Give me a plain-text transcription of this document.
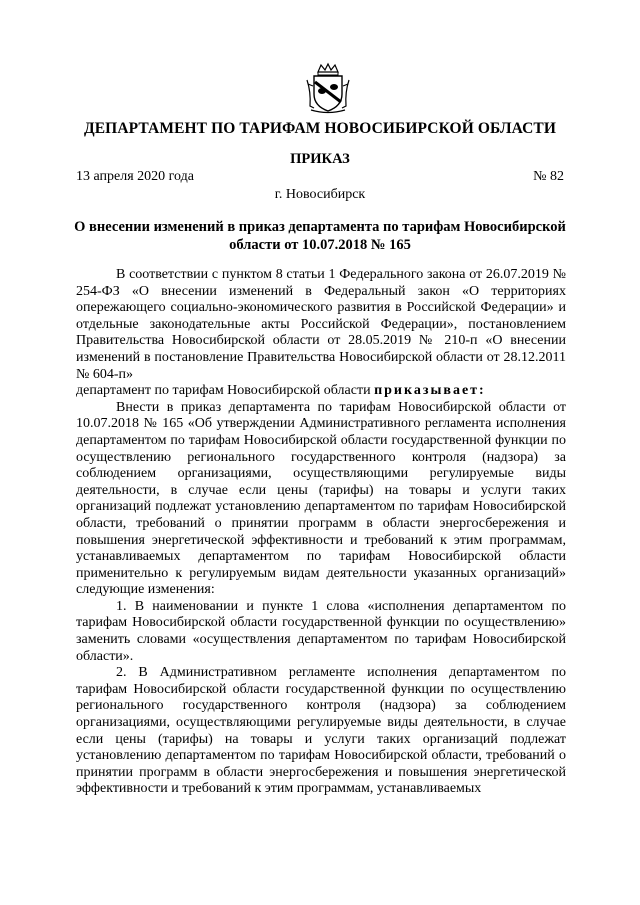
ДЕПАРТАМЕНТ ПО ТАРИФАМ НОВОСИБИРСКОЙ ОБЛАСТИ
ПРИКАЗ
13 апреля 2020 года	№ 82
г. Новосибирск
О внесении изменений в приказ департамента по тарифам Новосибирской области от 10.07.2018 № 165

В соответствии с пунктом 8 статьи 1 Федерального закона от 26.07.2019 № 254-ФЗ «О внесении изменений в Федеральный закон «О территориях опережающего социально-экономического развития в Российской Федерации» и отдельные законодательные акты Российской Федерации», постановлением Правительства Новосибирской области от 28.05.2019 № 210-п «О внесении изменений в постановление Правительства Новосибирской области от 28.12.2011 № 604-п»

департамент по тарифам Новосибирской области приказывает:

Внести в приказ департамента по тарифам Новосибирской области от 10.07.2018 № 165 «Об утверждении Административного регламента исполнения департаментом по тарифам Новосибирской области государственной функции по осуществлению регионального государственного контроля (надзора) за соблюдением организациями, осуществляющими регулируемые виды деятельности, в случае если цены (тарифы) на товары и услуги таких организаций подлежат установлению департаментом по тарифам Новосибирской области, требований о принятии программ в области энергосбережения и повышения энергетической эффективности и требований к этим программам, устанавливаемых департаментом по тарифам Новосибирской области применительно к регулируемым видам деятельности указанных организаций» следующие изменения:

1. В наименовании и пункте 1 слова «исполнения департаментом по тарифам Новосибирской области государственной функции по осуществлению» заменить словами «осуществления департаментом по тарифам Новосибирской области».

2. В Административном регламенте исполнения департаментом по тарифам Новосибирской области государственной функции по осуществлению регионального государственного контроля (надзора) за соблюдением организациями, осуществляющими регулируемые виды деятельности, в случае если цены (тарифы) на товары и услуги таких организаций подлежат установлению департаментом по тарифам Новосибирской области, требований о принятии программ в области энергосбережения и повышения энергетической эффективности и требований к этим программам, устанавливаемых
